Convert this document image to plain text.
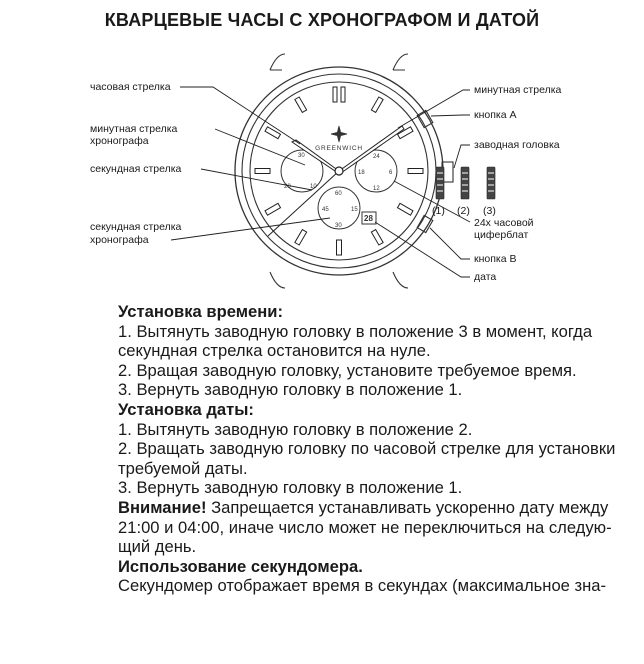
КВАРЦЕВЫЕ ЧАСЫ С ХРОНОГРАФОМ И ДАТОЙ
30
10
20
24
6
18
12
60
15
45
30
28
GREENWICH
(1) (2) (3)
часовая стрелка
минутная стрелка
хронографа
секундная стрелка
секундная стрелка
хронографа
минутная стрелка
кнопка А
заводная головка
24х часовой
циферблат
кнопка В
дата

Установка времени:

1. Вытянуть заводную головку в положение 3 в момент, когда

секундная стрелка остановится на нуле.

2. Вращая заводную головку, установите требуемое время.

3. Вернуть заводную головку в положение 1.

Установка даты:

1. Вытянуть заводную головку в положение 2.

2. Вращать заводную головку по часовой стрелке для установки

требуемой даты.

3. Вернуть заводную головку в положение 1.

Внимание! Запрещается устанавливать ускоренно дату между

21:00 и 04:00, иначе число может не переключиться на следую-

щий день.

Использование секундомера.

Секундомер отображает время в секундах (максимальное зна-
